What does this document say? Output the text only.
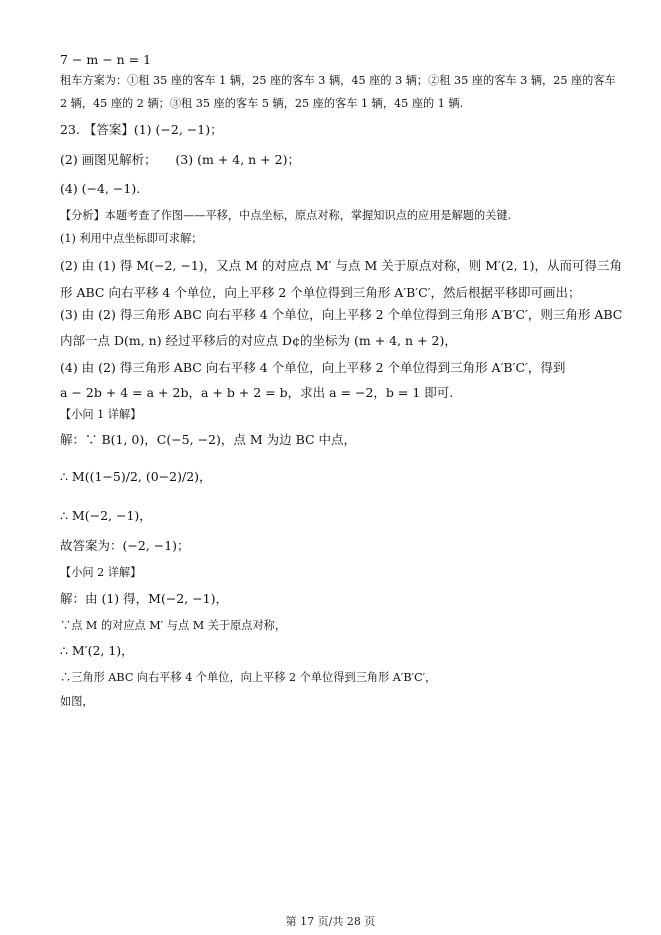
7 − m − n = 1
租车方案为：①租 35 座的客车 1 辆，25 座的客车 3 辆，45 座的 3 辆；②租 35 座的客车 3 辆，25 座的客车
2 辆，45 座的 2 辆；③租 35 座的客车 5 辆，25 座的客车 1 辆，45 座的 1 辆.
23. 【答案】(1) (−2, −1)；
(2) 画图见解析；　　(3) (m + 4, n + 2)；
(4) (−4, −1).
【分析】本题考查了作图——平移，中点坐标，原点对称，掌握知识点的应用是解题的关键.
(1) 利用中点坐标即可求解；
(2) 由 (1) 得 M(−2, −1)，又点 M 的对应点 M′ 与点 M 关于原点对称，则 M′(2, 1)，从而可得三角
形 ABC 向右平移 4 个单位，向上平移 2 个单位得到三角形 A′B′C′，然后根据平移即可画出；
(3) 由 (2) 得三角形 ABC 向右平移 4 个单位，向上平移 2 个单位得到三角形 A′B′C′，则三角形 ABC
内部一点 D(m, n) 经过平移后的对应点 D¢的坐标为 (m + 4, n + 2)，
(4) 由 (2) 得三角形 ABC 向右平移 4 个单位，向上平移 2 个单位得到三角形 A′B′C′，得到
a − 2b + 4 = a + 2b，a + b + 2 = b，求出 a = −2，b = 1 即可.
【小问 1 详解】
解：∵ B(1, 0)，C(−5, −2)，点 M 为边 BC 中点，
∴ M((1−5)/2, (0−2)/2)，
∴ M(−2, −1)，
故答案为：(−2, −1)；
【小问 2 详解】
解：由 (1) 得，M(−2, −1)，
∵点 M 的对应点 M′ 与点 M 关于原点对称，
∴ M′(2, 1)，
∴三角形 ABC 向右平移 4 个单位，向上平移 2 个单位得到三角形 A′B′C′，
如图，
第 17 页/共 28 页
